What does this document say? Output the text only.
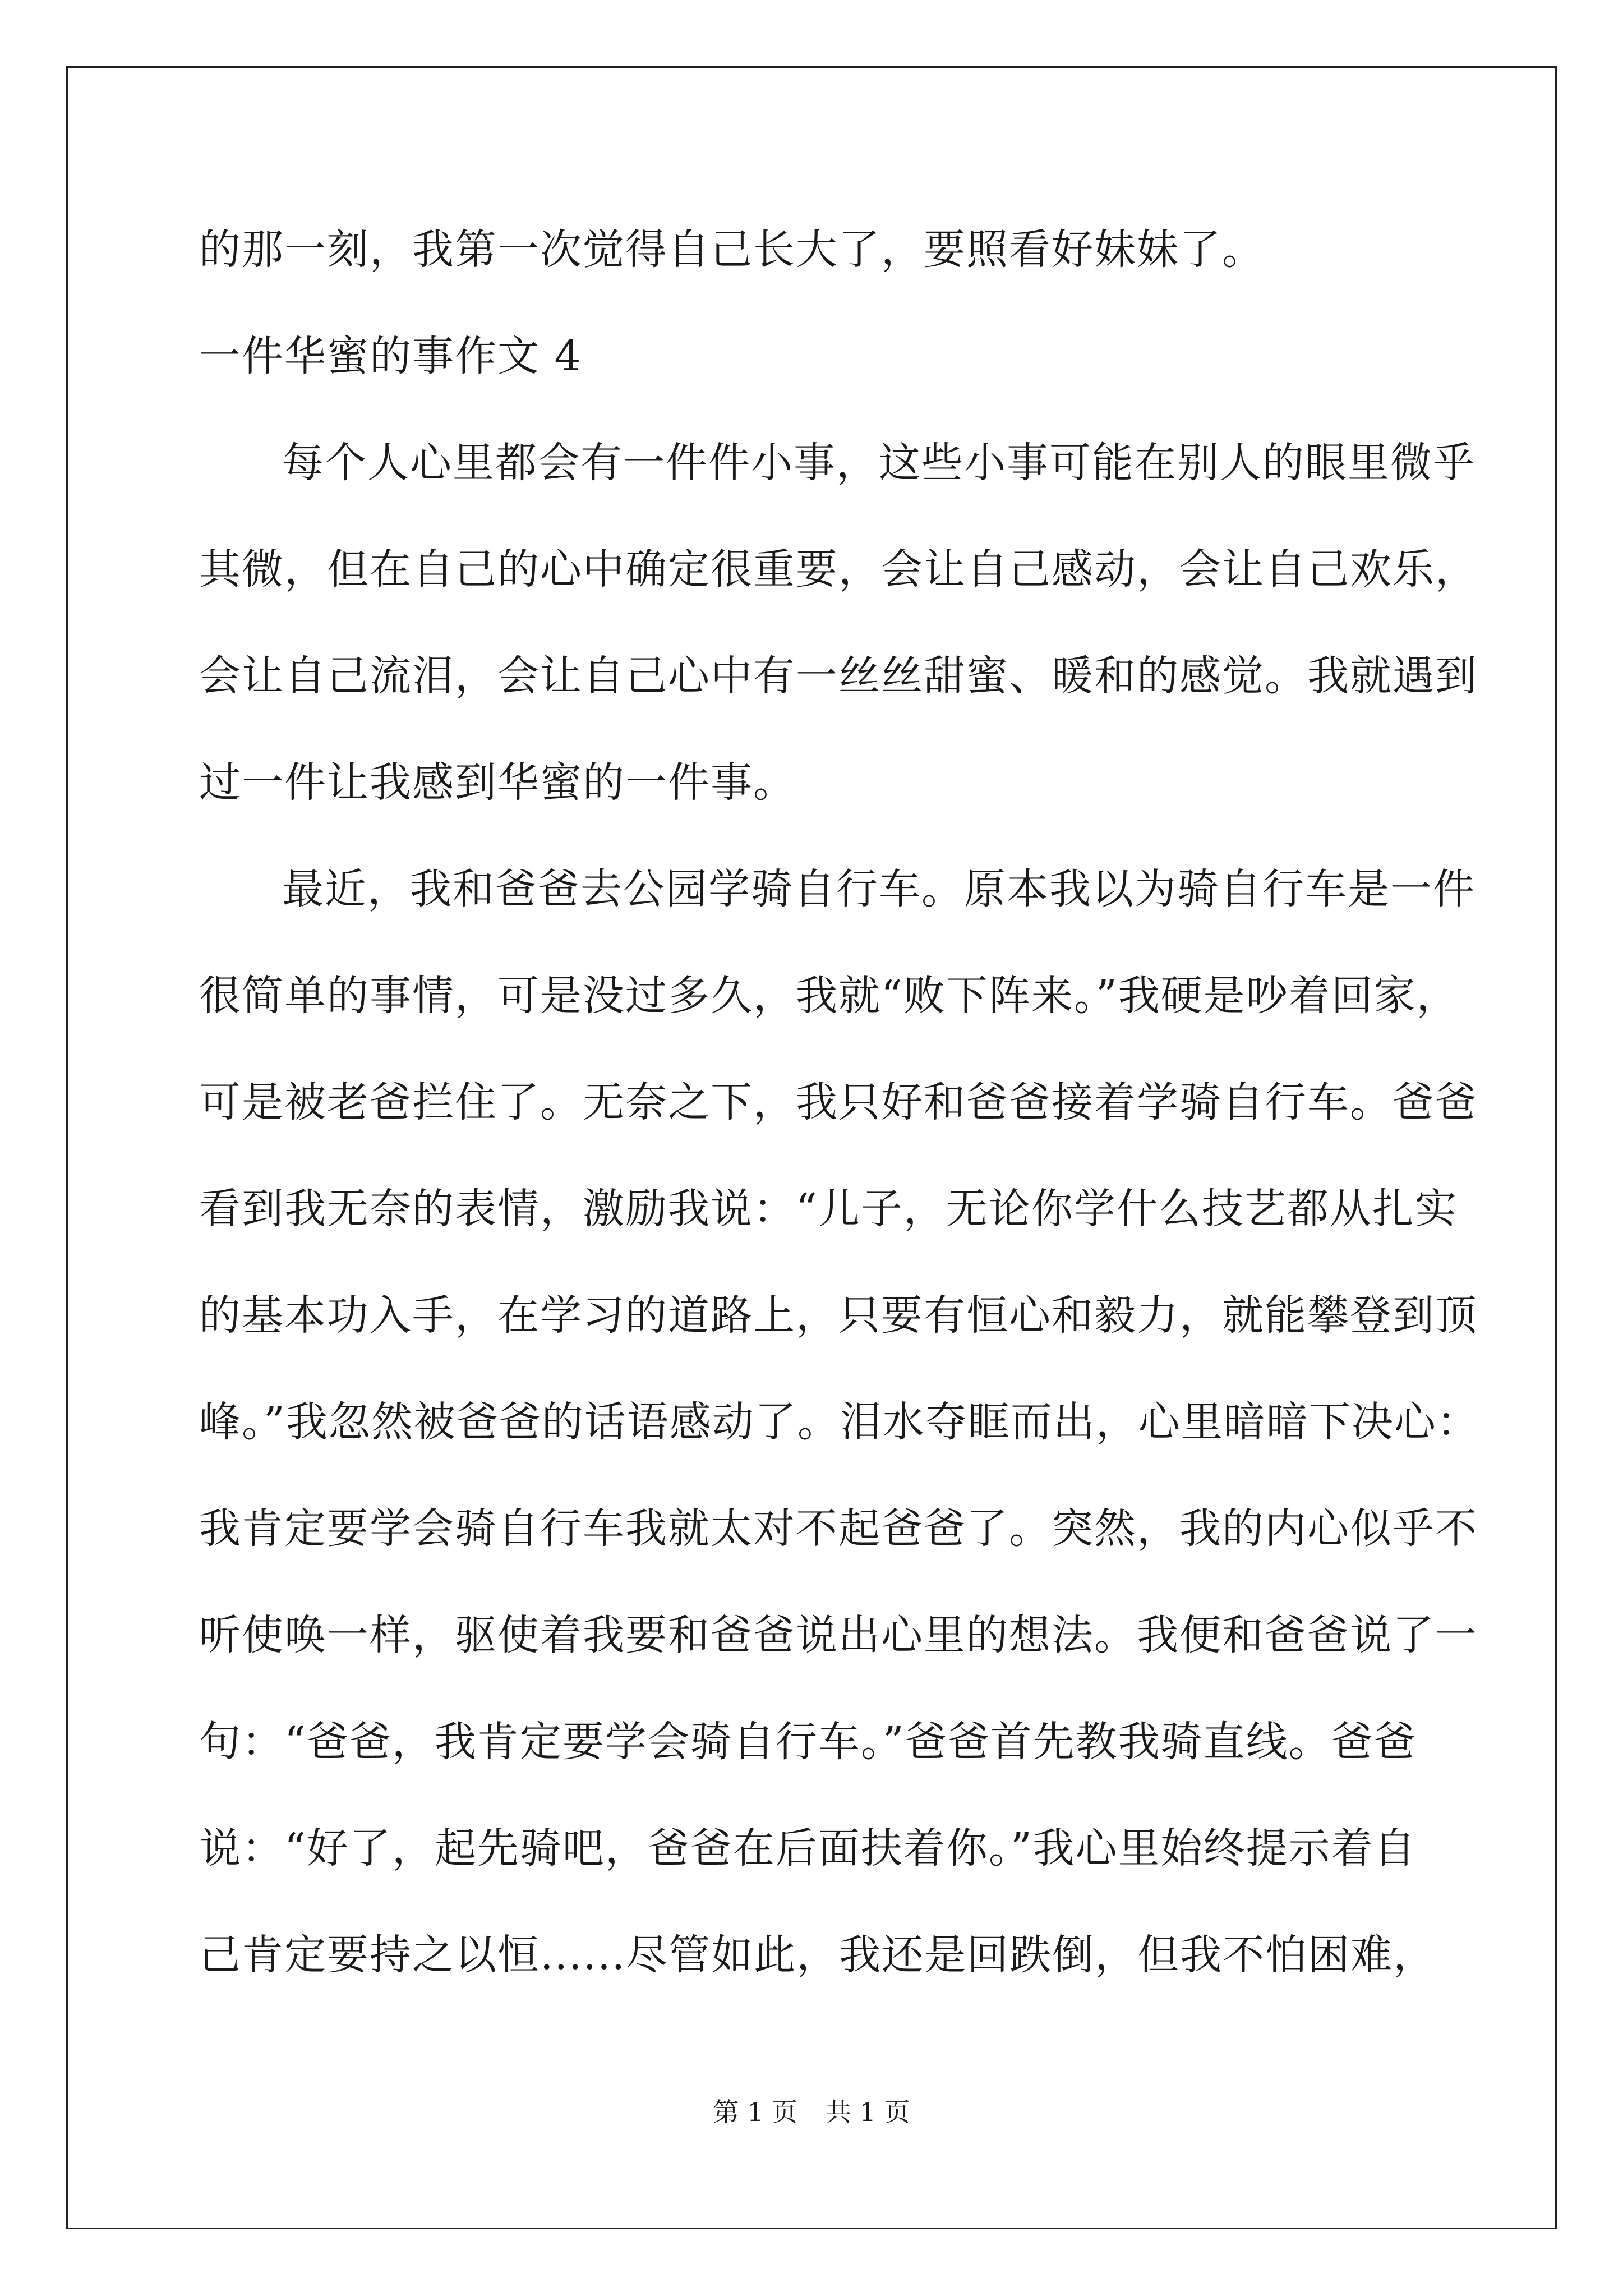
的那一刻，我第一次觉得自己长大了，要照看好妹妹了。
一件华蜜的事作文 4
每个人心里都会有一件件小事，这些小事可能在别人的眼里微乎
其微，但在自己的心中确定很重要，会让自己感动，会让自己欢乐，
会让自己流泪，会让自己心中有一丝丝甜蜜、暖和的感觉。我就遇到
过一件让我感到华蜜的一件事。
最近，我和爸爸去公园学骑自行车。原本我以为骑自行车是一件
很简单的事情，可是没过多久，我就“败下阵来。”我硬是吵着回家，
可是被老爸拦住了。无奈之下，我只好和爸爸接着学骑自行车。爸爸
看到我无奈的表情，激励我说：“儿子，无论你学什么技艺都从扎实
的基本功入手，在学习的道路上，只要有恒心和毅力，就能攀登到顶
峰。”我忽然被爸爸的话语感动了。泪水夺眶而出，心里暗暗下决心：
我肯定要学会骑自行车我就太对不起爸爸了。突然，我的内心似乎不
听使唤一样，驱使着我要和爸爸说出心里的想法。我便和爸爸说了一
句：“爸爸，我肯定要学会骑自行车。”爸爸首先教我骑直线。爸爸
说：“好了，起先骑吧，爸爸在后面扶着你。”我心里始终提示着自
己肯定要持之以恒......尽管如此，我还是回跌倒，但我不怕困难，
第 1 页 共 1 页
